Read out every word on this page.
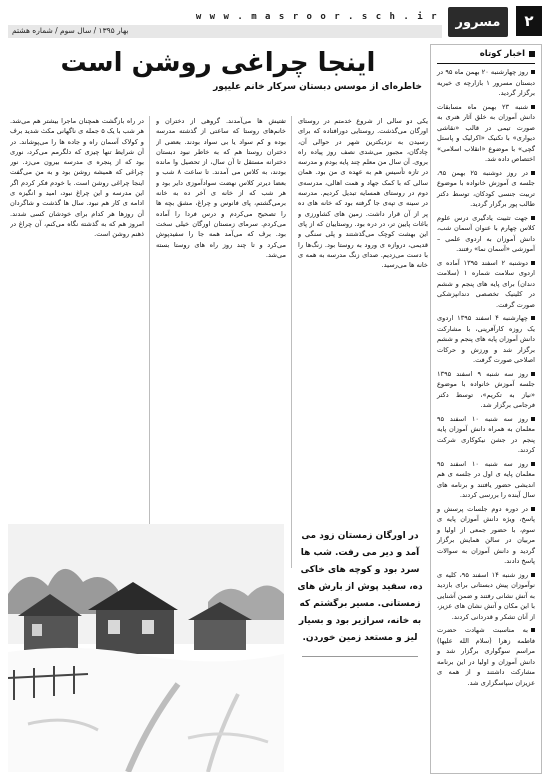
۲
مسرور
w w w . m a s r o o r . s c h . i r
بهار ۱۳۹۵ / سال سوم / شماره هشتم
اخبار کوتاه

روز چهارشنبه ۲۰ بهمن ماه ۹۵ در دبستان مسرور ۱ بازارچه ی خیریه برگزار گردید.

شنبه ۲۳ بهمن ماه مسابقات دانش آموزان به خلق آثار هنری به صورت تیمی در قالب «نقاشی دیواری» با تکنیک «اکرلیک و پاستل گچی» با موضوع «انقلاب اسلامی» اختصاص داده شد.

در روز دوشنبه ۲۵ بهمن ۹۵، جلسه ی آموزش خانواده با موضوع تربیت جنسی کودکان، توسط دکتر طالب پور برگزار گردید.

جهت تثبیت یادگیری درس علوم کلاس چهارم با عنوان آسمان شب، دانش آموزان به اردوی علمی – آموزشی «آسمان نما» رفتند.

دوشنبه ۲ اسفند ۱۳۹۵ آماده ی اردوی سلامت شماره ۱ (سلامت دندان) برای پایه های پنجم و ششم در کلینیک تخصصی دندانپزشکی صورت گرفت.

چهارشنبه ۴ اسفند ۱۳۹۵ اردوی یک روزه کارآفرینی، با مشارکت دانش آموزان پایه های پنجم و ششم برگزار شد و ورزش و حرکات اصلاحی صورت گرفت.

روز سه شنبه ۹ اسفند ۱۳۹۵ جلسه آموزش خانواده با موضوع «نیاز به تکریم»، توسط دکتر فرجامی برگزار شد.

روز سه شنبه ۱۰ اسفند ۹۵ معلمان به همراه دانش آموزان پایه پنجم در جشن نیکوکاری شرکت کردند.

روز سه شنبه ۱۰ اسفند ۹۵ معلمان پایه ی اول در جلسه ی هم اندیشی حضور یافتند و برنامه های سال آینده را بررسی کردند.

در دوره دوم جلسات پرسش و پاسخ، ویژه دانش آموزان پایه ی سوم، با حضور جمعی از اولیا و مربیان در سالن همایش برگزار گردید و دانش آموزان به سوالات پاسخ دادند.

روز شنبه ۱۴ اسفند ۹۵، کلیه ی نوآموزان پیش دبستانی برای بازدید به آتش نشانی رفتند و ضمن آشنایی با این مکان و آتش نشان های عزیز، از آنان تشکر و قدردانی کردند.

به مناسبت شهادت حضرت فاطمه زهرا (سلام الله علیها) مراسم سوگواری برگزار شد و دانش آموزان و اولیا در این برنامه مشارکت داشتند و از همه ی عزیزان سپاسگزاری شد.

اینجا چراغی روشن است
خاطره‌ای از موسس دبستان سرکار خانم علیپور
یکی دو سالی از شروع خدمتم در روستای اورگان می‌گذشت. روستایی دورافتاده که برای رسیدن به نزدیکترین شهر در حوالی آن، چادگان، مجبور می‌شدی نصف روز پیاده راه بروی. آن سال من معلم چند پایه بودم و مدرسه در تازه تأسیس هم به عهده ی من بود. همان سالی که با کمک جهاد و همت اهالی، مدرسه‌ی دوم در روستای همسایه تبدیل کردیم. مدرسه در سینه ی تپه‌ی جا گرفته بود که خانه های ده پر از آن قرار داشت. زمین های کشاورزی و باغات پایین تر، در دره بود. روستاییان که از پای این بهشت کوچک می‌گذشتند و پلی سنگی و قدیمی، دروازه ی ورود به روستا بود. زنگ‌ها را با دست می‌زدیم. صدای زنگ مدرسه به همه ی خانه ها می‌رسید.
تفتیش ها می‌آمدند. گروهی از دختران و خانم‌های روستا که ساعتی از گذشته مدرسه بوده و کم سواد یا بی سواد بودند. بعضی از دختران روستا هم که به خاطر نبود دبستان دخترانه مستقل تا آن سال، از تحصیل وا مانده بودند، به کلاس می آمدند. تا ساعت ۸ شب و بعضا دیرتر کلاس نهضت سوادآموزی دایر بود و هر شب که از خانه ی آخر ده به خانه برمی‌گشتم، پای فانوس و چراغ، مشق بچه ها را تصحیح می‌کردم و درس فردا را آماده می‌کردم. سرمای زمستان اورگان خیلی سخت بود. برف که می‌آمد همه جا را سفیدپوش می‌کرد و تا چند روز راه های روستا بسته می‌شد.
در راه بازگشت همچنان ماجرا بیشتر هم می‌شد. هر شب با یک ۵ جمله ی ناگهانی مکث شدید برف و کولاک آسمان راه و جاده ها را می‌پوشاند. در آن شرایط تنها چیزی که دلگرمم می‌کرد، نوری بود که از پنجره ی مدرسه بیرون می‌زد. نور چراغی که همیشه روشن بود و به من می‌گفت اینجا چراغی روشن است. با خودم فکر کردم اگر این مدرسه و این چراغ نبود، امید و انگیزه ی ادامه ی کار هم نبود. سال ها گذشت و شاگردان آن روزها هر کدام برای خودشان کسی شدند. امروز هم که به گذشته نگاه می‌کنم، آن چراغ در ذهنم روشن است.
در اورگان زمستان زود می‌ آمد و دیر می‌ رفت. شب ها سرد بود و کوچه های خاکی ده، سفید پوش از بارش های زمستانی. مسیر برگشتم که به خانه، سرازیر بود و بسیار لیز و مستعد زمین خوردن.
